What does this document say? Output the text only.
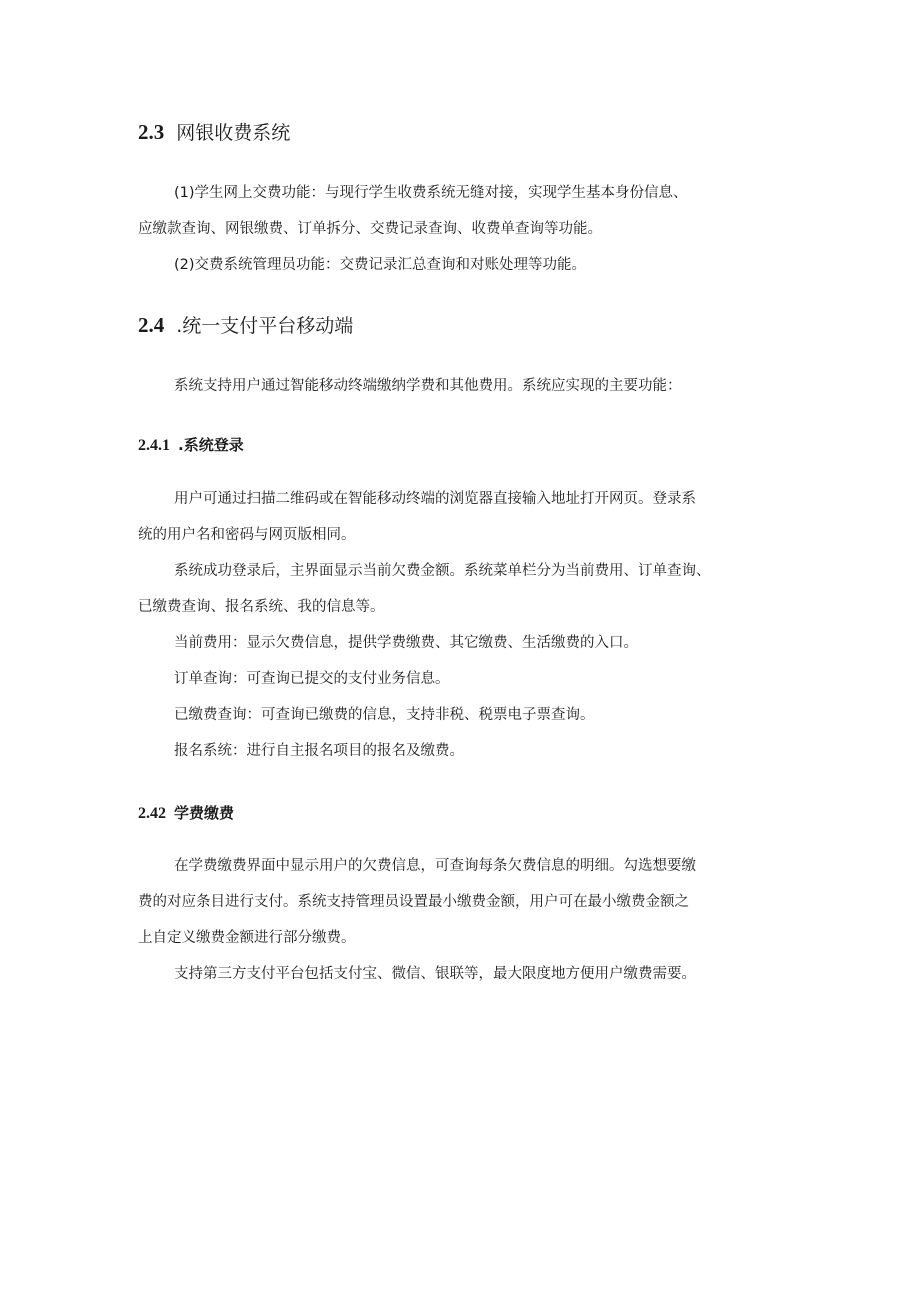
2.3 网银收费系统
(1)学生网上交费功能：与现行学生收费系统无缝对接，实现学生基本身份信息、
应缴款查询、网银缴费、订单拆分、交费记录查询、收费单查询等功能。
(2)交费系统管理员功能：交费记录汇总查询和对账处理等功能。
2.4 .统一支付平台移动端
系统支持用户通过智能移动终端缴纳学费和其他费用。系统应实现的主要功能：
2.4.1 .系统登录
用户可通过扫描二维码或在智能移动终端的浏览器直接输入地址打开网页。登录系
统的用户名和密码与网页版相同。
系统成功登录后，主界面显示当前欠费金额。系统菜单栏分为当前费用、订单查询、
已缴费查询、报名系统、我的信息等。
当前费用：显示欠费信息，提供学费缴费、其它缴费、生活缴费的入口。
订单查询：可查询已提交的支付业务信息。
已缴费查询：可查询已缴费的信息，支持非税、税票电子票查询。
报名系统：进行自主报名项目的报名及缴费。
2.42 学费缴费
在学费缴费界面中显示用户的欠费信息，可查询每条欠费信息的明细。勾选想要缴
费的对应条目进行支付。系统支持管理员设置最小缴费金额，用户可在最小缴费金额之
上自定义缴费金额进行部分缴费。
支持第三方支付平台包括支付宝、微信、银联等，最大限度地方便用户缴费需要。
